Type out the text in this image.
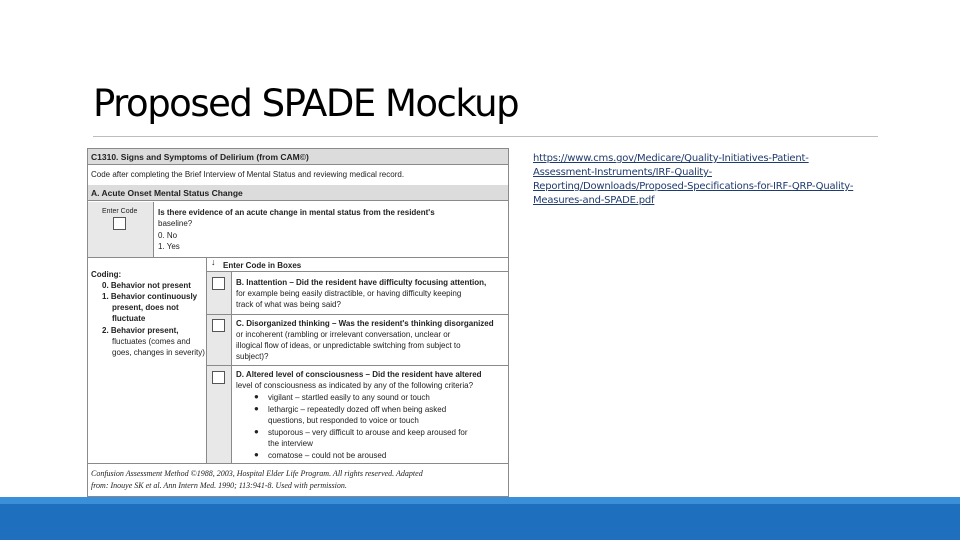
Proposed SPADE Mockup
https://www.cms.gov/Medicare/Quality-Initiatives-Patient-
Assessment-Instruments/IRF-Quality-
Reporting/Downloads/Proposed-Specifications-for-IRF-QRP-Quality-
Measures-and-SPADE.pdf
C1310. Signs and Symptoms of Delirium (from CAM©)
Code after completing the Brief Interview of Mental Status and reviewing medical record.
A. Acute Onset Mental Status Change
Enter Code	Is there evidence of an acute change in mental status from the resident's
baseline?
0. No
1. Yes
↓ Enter Code in Boxes
Coding:
0. Behavior not present
1. Behavior continuously
present, does not
fluctuate
2. Behavior present,
fluctuates (comes and
goes, changes in severity)
B. Inattention – Did the resident have difficulty focusing attention,
for example being easily distractible, or having difficulty keeping
track of what was being said?
C. Disorganized thinking – Was the resident's thinking disorganized
or incoherent (rambling or irrelevant conversation, unclear or
illogical flow of ideas, or unpredictable switching from subject to
subject)?
D. Altered level of consciousness – Did the resident have altered
level of consciousness as indicated by any of the following criteria?
● vigilant – startled easily to any sound or touch
● lethargic – repeatedly dozed off when being asked
questions, but responded to voice or touch
● stuporous – very difficult to arouse and keep aroused for
the interview
● comatose – could not be aroused
Confusion Assessment Method ©1988, 2003, Hospital Elder Life Program. All rights reserved. Adapted
from: Inouye SK et al. Ann Intern Med. 1990; 113:941-8. Used with permission.
